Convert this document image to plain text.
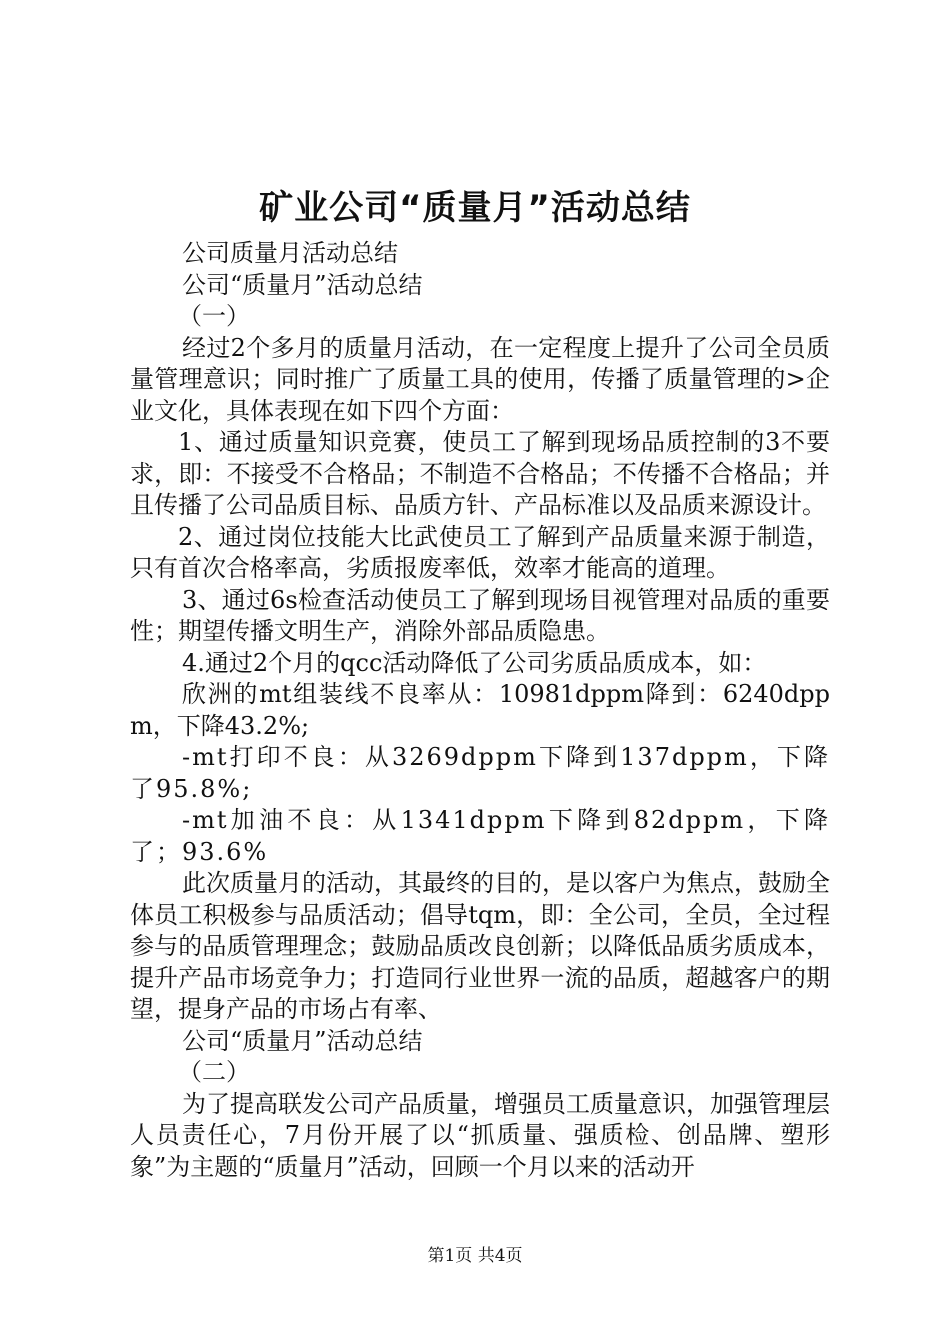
矿业公司“质量月”活动总结

公司质量月活动总结

公司“质量月”活动总结

（一）

经过2个多月的质量月活动，在一定程度上提升了公司全员质量管理意识；同时推广了质量工具的使用，传播了质量管理的>企业文化，具体表现在如下四个方面：

1、通过质量知识竞赛，使员工了解到现场品质控制的3不要求，即：不接受不合格品；不制造不合格品；不传播不合格品；并且传播了公司品质目标、品质方针、产品标准以及品质来源设计。

2、通过岗位技能大比武使员工了解到产品质量来源于制造，只有首次合格率高，劣质报废率低，效率才能高的道理。

3、通过6s检查活动使员工了解到现场目视管理对品质的重要性；期望传播文明生产，消除外部品质隐患。

4.通过2个月的qcc活动降低了公司劣质品质成本，如：

欣洲的mt组装线不良率从：10981dppm降到：6240dppm，下降43.2%;

-mt打印不良：从3269dppm下降到137dppm，下降了95.8%;

-mt加油不良：从1341dppm下降到82dppm，下降了；93.6%

此次质量月的活动，其最终的目的，是以客户为焦点，鼓励全体员工积极参与品质活动；倡导tqm，即：全公司，全员，全过程参与的品质管理理念；鼓励品质改良创新；以降低品质劣质成本，提升产品市场竞争力；打造同行业世界一流的品质，超越客户的期望，提身产品的市场占有率、

公司“质量月”活动总结

（二）

为了提高联发公司产品质量，增强员工质量意识，加强管理层人员责任心，7月份开展了以“抓质量、强质检、创品牌、塑形象”为主题的“质量月”活动，回顾一个月以来的活动开

第1页 共4页
